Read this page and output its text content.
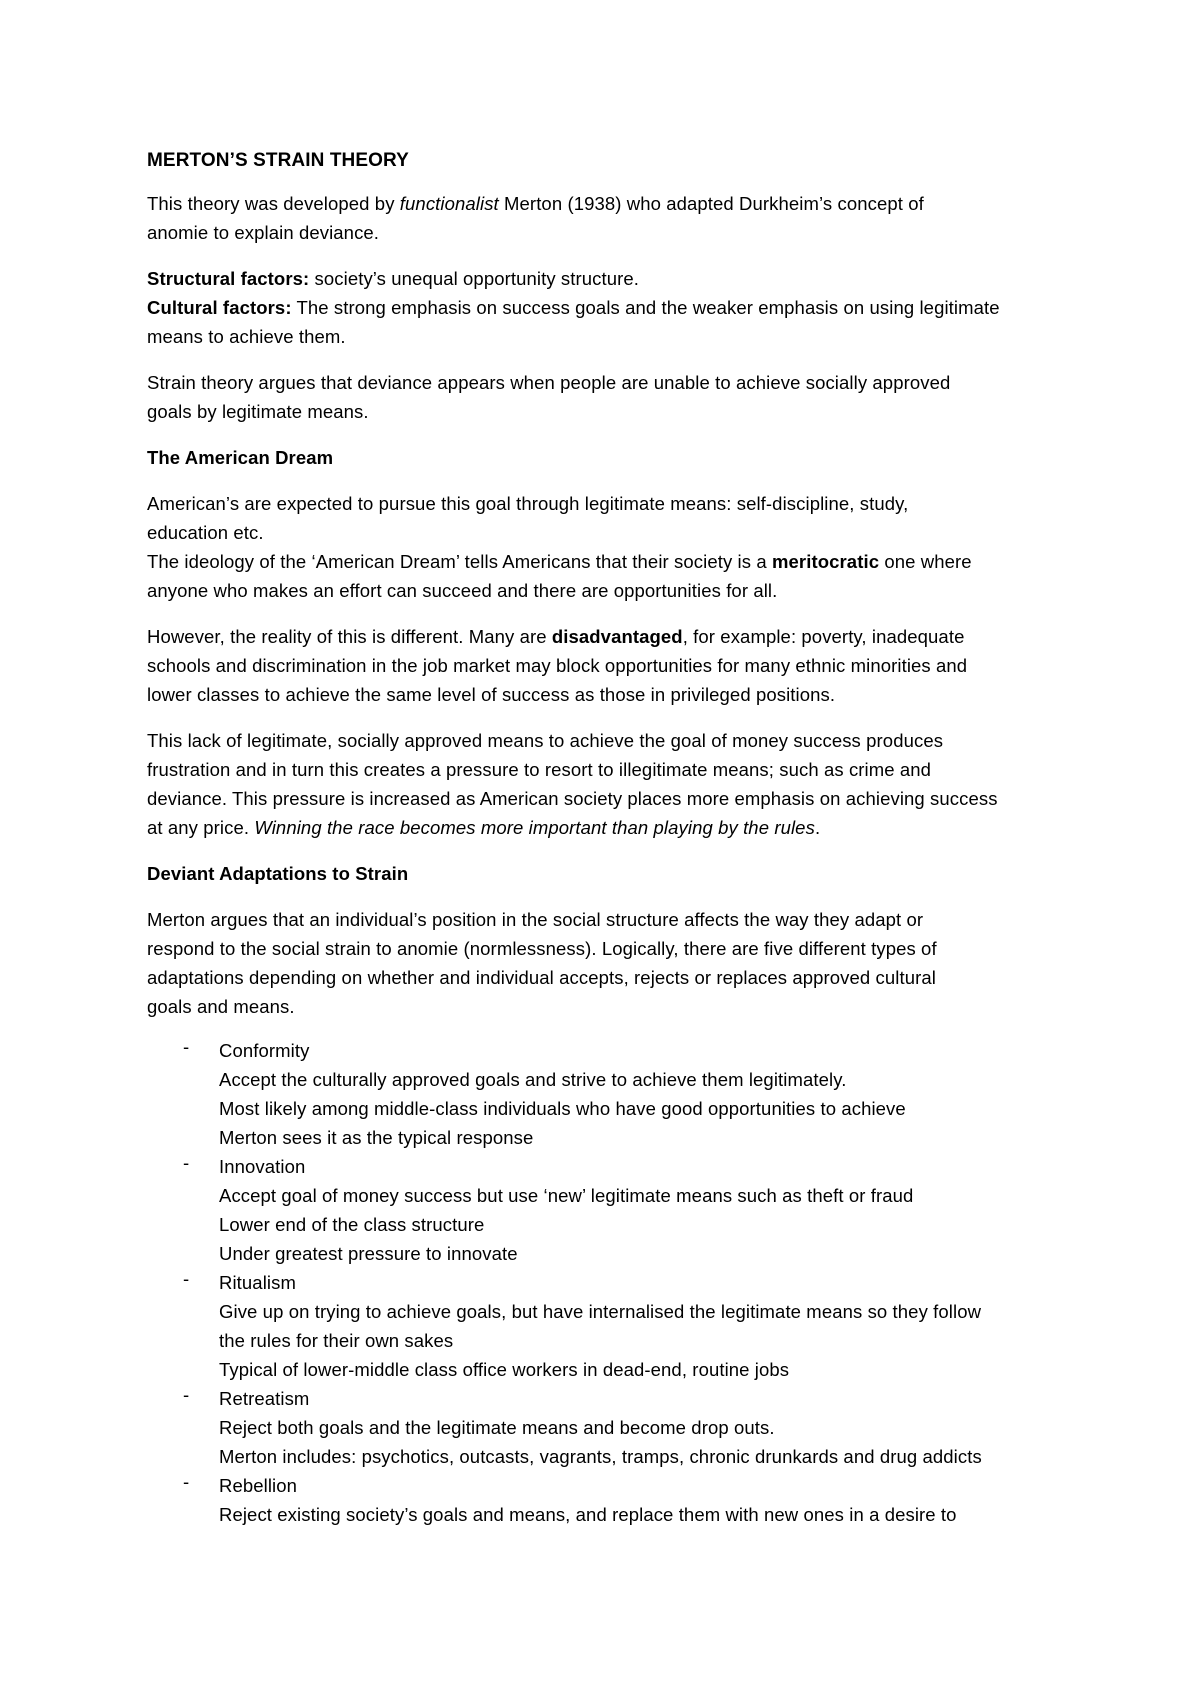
MERTON’S STRAIN THEORY
This theory was developed by functionalist Merton (1938) who adapted Durkheim’s concept of
anomie to explain deviance.
Structural factors: society’s unequal opportunity structure.
Cultural factors: The strong emphasis on success goals and the weaker emphasis on using legitimate
means to achieve them.
Strain theory argues that deviance appears when people are unable to achieve socially approved
goals by legitimate means.
The American Dream
American’s are expected to pursue this goal through legitimate means: self-discipline, study,
education etc.
The ideology of the ‘American Dream’ tells Americans that their society is a meritocratic one where
anyone who makes an effort can succeed and there are opportunities for all.
However, the reality of this is different. Many are disadvantaged, for example: poverty, inadequate
schools and discrimination in the job market may block opportunities for many ethnic minorities and
lower classes to achieve the same level of success as those in privileged positions.
This lack of legitimate, socially approved means to achieve the goal of money success produces
frustration and in turn this creates a pressure to resort to illegitimate means; such as crime and
deviance. This pressure is increased as American society places more emphasis on achieving success
at any price. Winning the race becomes more important than playing by the rules.
Deviant Adaptations to Strain
Merton argues that an individual’s position in the social structure affects the way they adapt or
respond to the social strain to anomie (normlessness). Logically, there are five different types of
adaptations depending on whether and individual accepts, rejects or replaces approved cultural
goals and means.
- Conformity
Accept the culturally approved goals and strive to achieve them legitimately.
Most likely among middle-class individuals who have good opportunities to achieve
Merton sees it as the typical response
- Innovation
Accept goal of money success but use ‘new’ legitimate means such as theft or fraud
Lower end of the class structure
Under greatest pressure to innovate
- Ritualism
Give up on trying to achieve goals, but have internalised the legitimate means so they follow
the rules for their own sakes
Typical of lower-middle class office workers in dead-end, routine jobs
- Retreatism
Reject both goals and the legitimate means and become drop outs.
Merton includes: psychotics, outcasts, vagrants, tramps, chronic drunkards and drug addicts
- Rebellion
Reject existing society’s goals and means, and replace them with new ones in a desire to
